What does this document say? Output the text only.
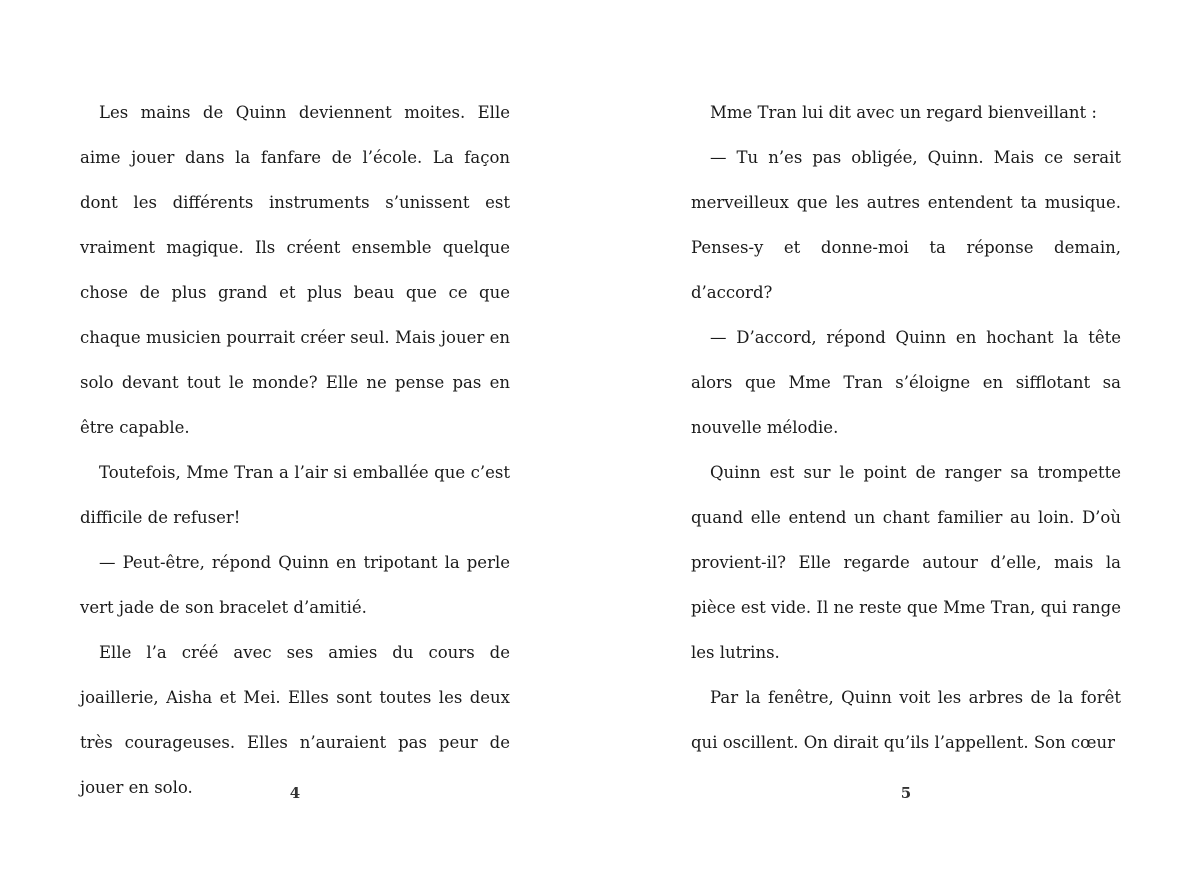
Les mains de Quinn deviennent moites. Elle aime jouer dans la fanfare de l’école. La façon dont les différents instruments s’unissent est vraiment magique. Ils créent ensemble quelque chose de plus grand et plus beau que ce que chaque musicien pourrait créer seul. Mais jouer en solo devant tout le monde? Elle ne pense pas en être capable.

Toutefois, Mme Tran a l’air si emballée que c’est difficile de refuser!

— Peut-être, répond Quinn en tripotant la perle vert jade de son bracelet d’amitié.

Elle l’a créé avec ses amies du cours de joaillerie, Aisha et Mei. Elles sont toutes les deux très courageuses. Elles n’auraient pas peur de jouer en solo.

Mme Tran lui dit avec un regard bienveillant :

— Tu n’es pas obligée, Quinn. Mais ce serait merveilleux que les autres entendent ta musique. Penses-y et donne-moi ta réponse demain, d’accord?

— D’accord, répond Quinn en hochant la tête alors que Mme Tran s’éloigne en sifflotant sa nouvelle mélodie.

Quinn est sur le point de ranger sa trompette quand elle entend un chant familier au loin. D’où provient-il? Elle regarde autour d’elle, mais la pièce est vide. Il ne reste que Mme Tran, qui range les lutrins.

Par la fenêtre, Quinn voit les arbres de la forêt qui oscillent. On dirait qu’ils l’appellent. Son cœur

4	5
